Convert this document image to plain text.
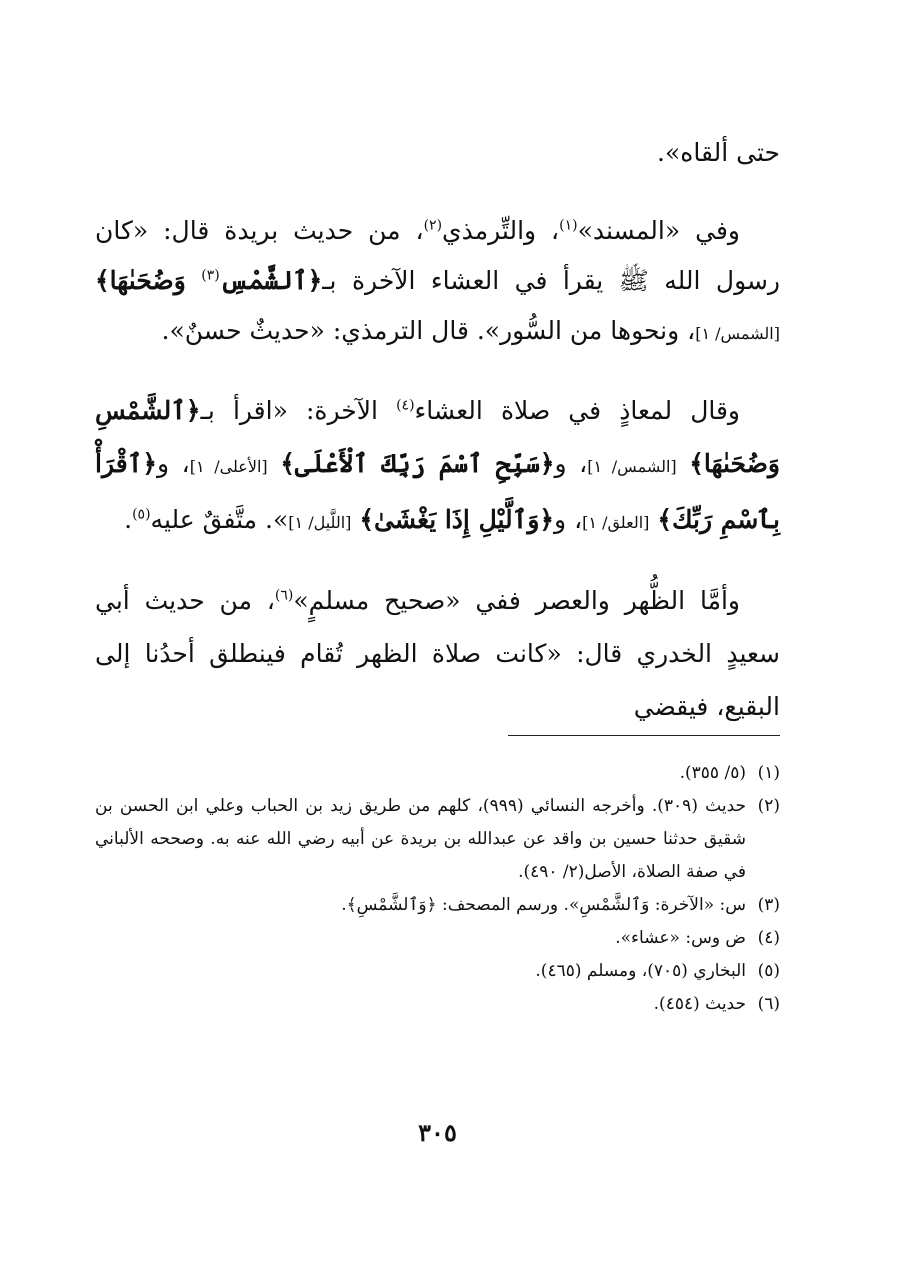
حتى ألقاه».

وفي «المسند»$^{(١)}$، والتِّرمذي$^{(٢)}$، من حديث بريدة قال: «كان رسول الله ﷺ يقرأ في العشاء الآخرة بـ﴿ٱلشَّمْسِ$^{(٣)}$ وَضُحَىٰهَا﴾ [الشمس/ ١]، ونحوها من السُّور». قال الترمذي: «حديثٌ حسنٌ».

وقال لمعاذٍ في صلاة العشاء$^{(٤)}$ الآخرة: «اقرأ بـ﴿ٱلشَّمْسِ وَضُحَىٰهَا﴾ [الشمس/ ١]، و﴿سَبِّحِ ٱسْمَ رَبِّكَ ٱلْأَعْلَى﴾ [الأعلى/ ١]، و﴿ٱقْرَأْ بِٱسْمِ رَبِّكَ﴾ [العلق/ ١]، و﴿وَٱلَّيْلِ إِذَا يَغْشَىٰ﴾ [اللَّيل/ ١]». متَّفقٌ عليه$^{(٥)}$.

وأمَّا الظُّهر والعصر ففي «صحيح مسلمٍ»$^{(٦)}$، من حديث أبي سعيدٍ الخدري قال: «كانت صلاة الظهر تُقام فينطلق أحدُنا إلى البقيع، فيقضي

(١)
(٥/ ٣٥٥).
(٢)
حديث (٣٠٩). وأخرجه النسائي (٩٩٩)، كلهم من طريق زيد بن الحباب وعلي ابن الحسن بن شقيق حدثنا حسين بن واقد عن عبدالله بن بريدة عن أبيه رضي الله عنه به. وصححه الألباني في صفة الصلاة، الأصل(٢/ ٤٩٠).
(٣)
س: «الآخرة: وَٱلشَّمْسِ». ورسم المصحف: ﴿وَٱلشَّمْسِ﴾.
(٤)
ض وس: «عشاء».
(٥)
البخاري (٧٠٥)، ومسلم (٤٦٥).
(٦)
حديث (٤٥٤).
٣٠٥
